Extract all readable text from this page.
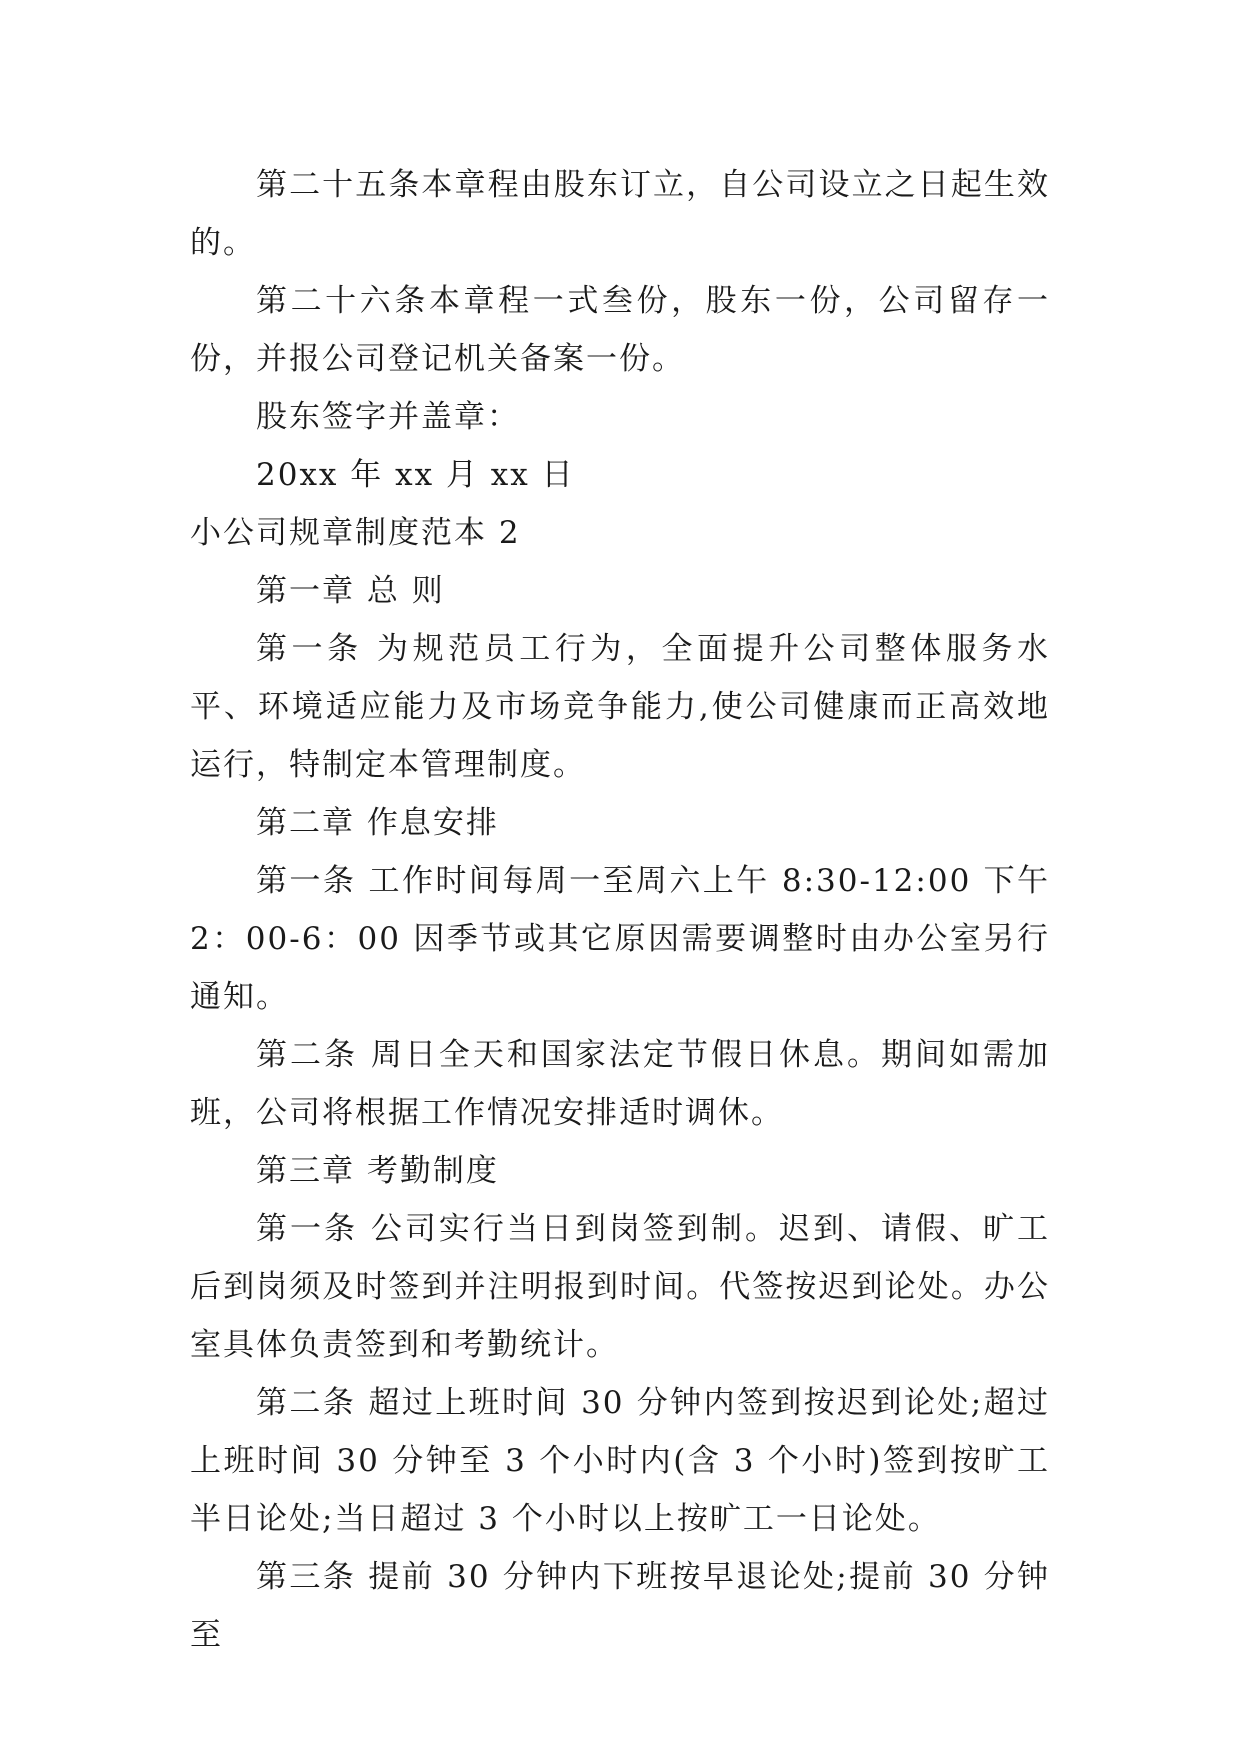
第二十五条本章程由股东订立，自公司设立之日起生效的。

第二十六条本章程一式叁份，股东一份，公司留存一份，并报公司登记机关备案一份。

股东签字并盖章：

20xx 年 xx 月 xx 日

小公司规章制度范本 2

第一章 总 则

第一条 为规范员工行为，全面提升公司整体服务水平、环境适应能力及市场竞争能力,使公司健康而正高效地运行，特制定本管理制度。

第二章 作息安排

第一条 工作时间每周一至周六上午 8:30-12:00 下午 2：00-6：00 因季节或其它原因需要调整时由办公室另行通知。

第二条 周日全天和国家法定节假日休息。期间如需加班，公司将根据工作情况安排适时调休。

第三章 考勤制度

第一条 公司实行当日到岗签到制。迟到、请假、旷工后到岗须及时签到并注明报到时间。代签按迟到论处。办公室具体负责签到和考勤统计。

第二条 超过上班时间 30 分钟内签到按迟到论处;超过上班时间 30 分钟至 3 个小时内(含 3 个小时)签到按旷工半日论处;当日超过 3 个小时以上按旷工一日论处。

第三条 提前 30 分钟内下班按早退论处;提前 30 分钟至
